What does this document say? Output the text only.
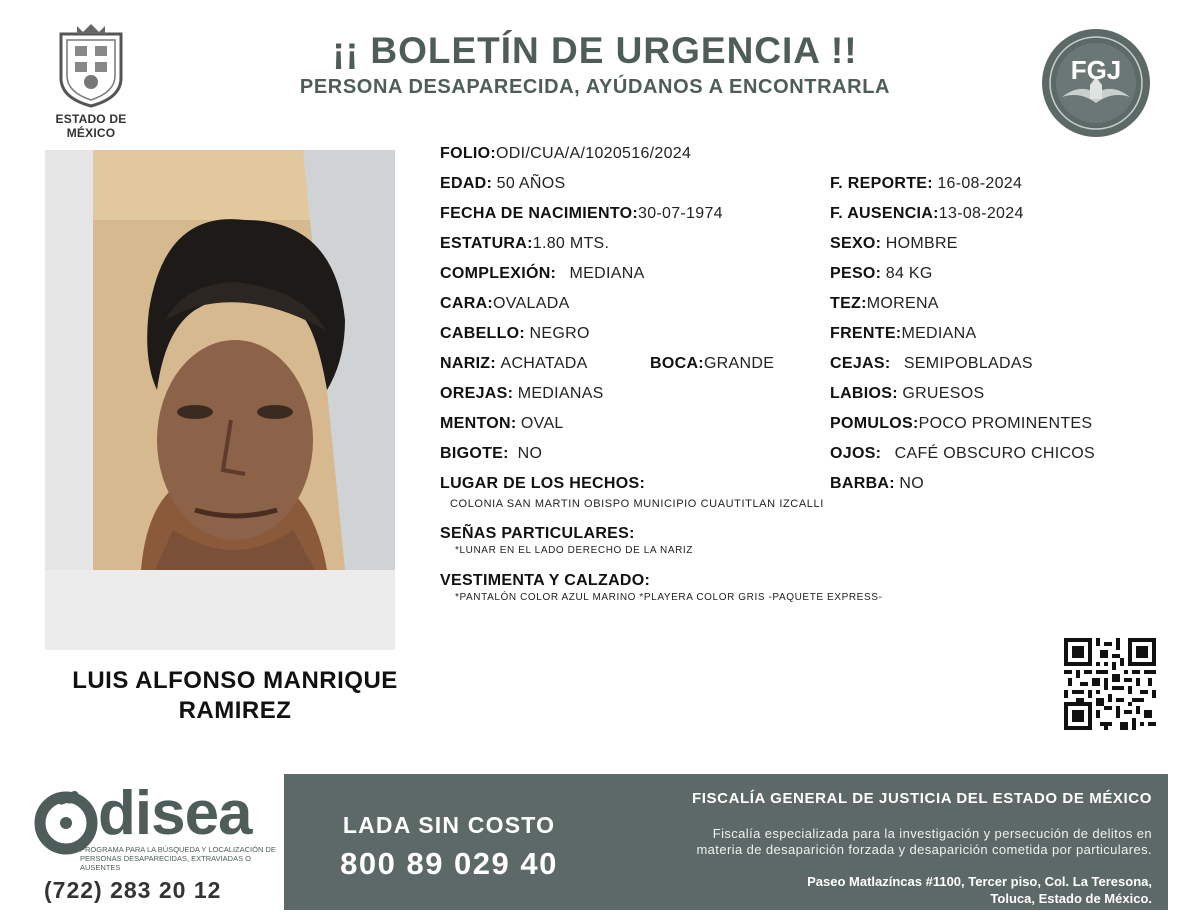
ESTADO DE MÉXICO
¡¡ BOLETÍN DE URGENCIA !!
PERSONA DESAPARECIDA, AYÚDANOS A ENCONTRARLA
FGJ
LUIS ALFONSO MANRIQUE
RAMIREZ
FOLIO:ODI/CUA/A/1020516/2024
EDAD: 50 AÑOS
FECHA DE NACIMIENTO:30-07-1974
ESTATURA:1.80 MTS.
COMPLEXIÓN: MEDIANA
CARA:OVALADA
CABELLO: NEGRO
NARIZ: ACHATADA	BOCA:GRANDE
OREJAS: MEDIANAS
MENTON: OVAL
BIGOTE: NO
LUGAR DE LOS HECHOS:
COLONIA SAN MARTIN OBISPO MUNICIPIO CUAUTITLAN IZCALLI
SEÑAS PARTICULARES:
*LUNAR EN EL LADO DERECHO DE LA NARIZ
VESTIMENTA Y CALZADO:
*PANTALÓN COLOR AZUL MARINO *PLAYERA COLOR GRIS -PAQUETE EXPRESS-
F. REPORTE: 16-08-2024
F. AUSENCIA:13-08-2024
SEXO: HOMBRE
PESO: 84 KG
TEZ:MORENA
FRENTE:MEDIANA
CEJAS: SEMIPOBLADAS
LABIOS: GRUESOS
POMULOS:POCO PROMINENTES
OJOS: CAFÉ OBSCURO CHICOS
BARBA: NO
disea
PROGRAMA PARA LA BÚSQUEDA Y LOCALIZACIÓN DE PERSONAS DESAPARECIDAS, EXTRAVIADAS O AUSENTES
(722) 283 20 12
LADA SIN COSTO
800 89 029 40
FISCALÍA GENERAL DE JUSTICIA DEL ESTADO DE MÉXICO
Fiscalía especializada para la investigación y persecución de delitos en
materia de desaparición forzada y desaparición cometida por particulares.
Paseo Matlazíncas #1100, Tercer piso, Col. La Teresona,
Toluca, Estado de México.
